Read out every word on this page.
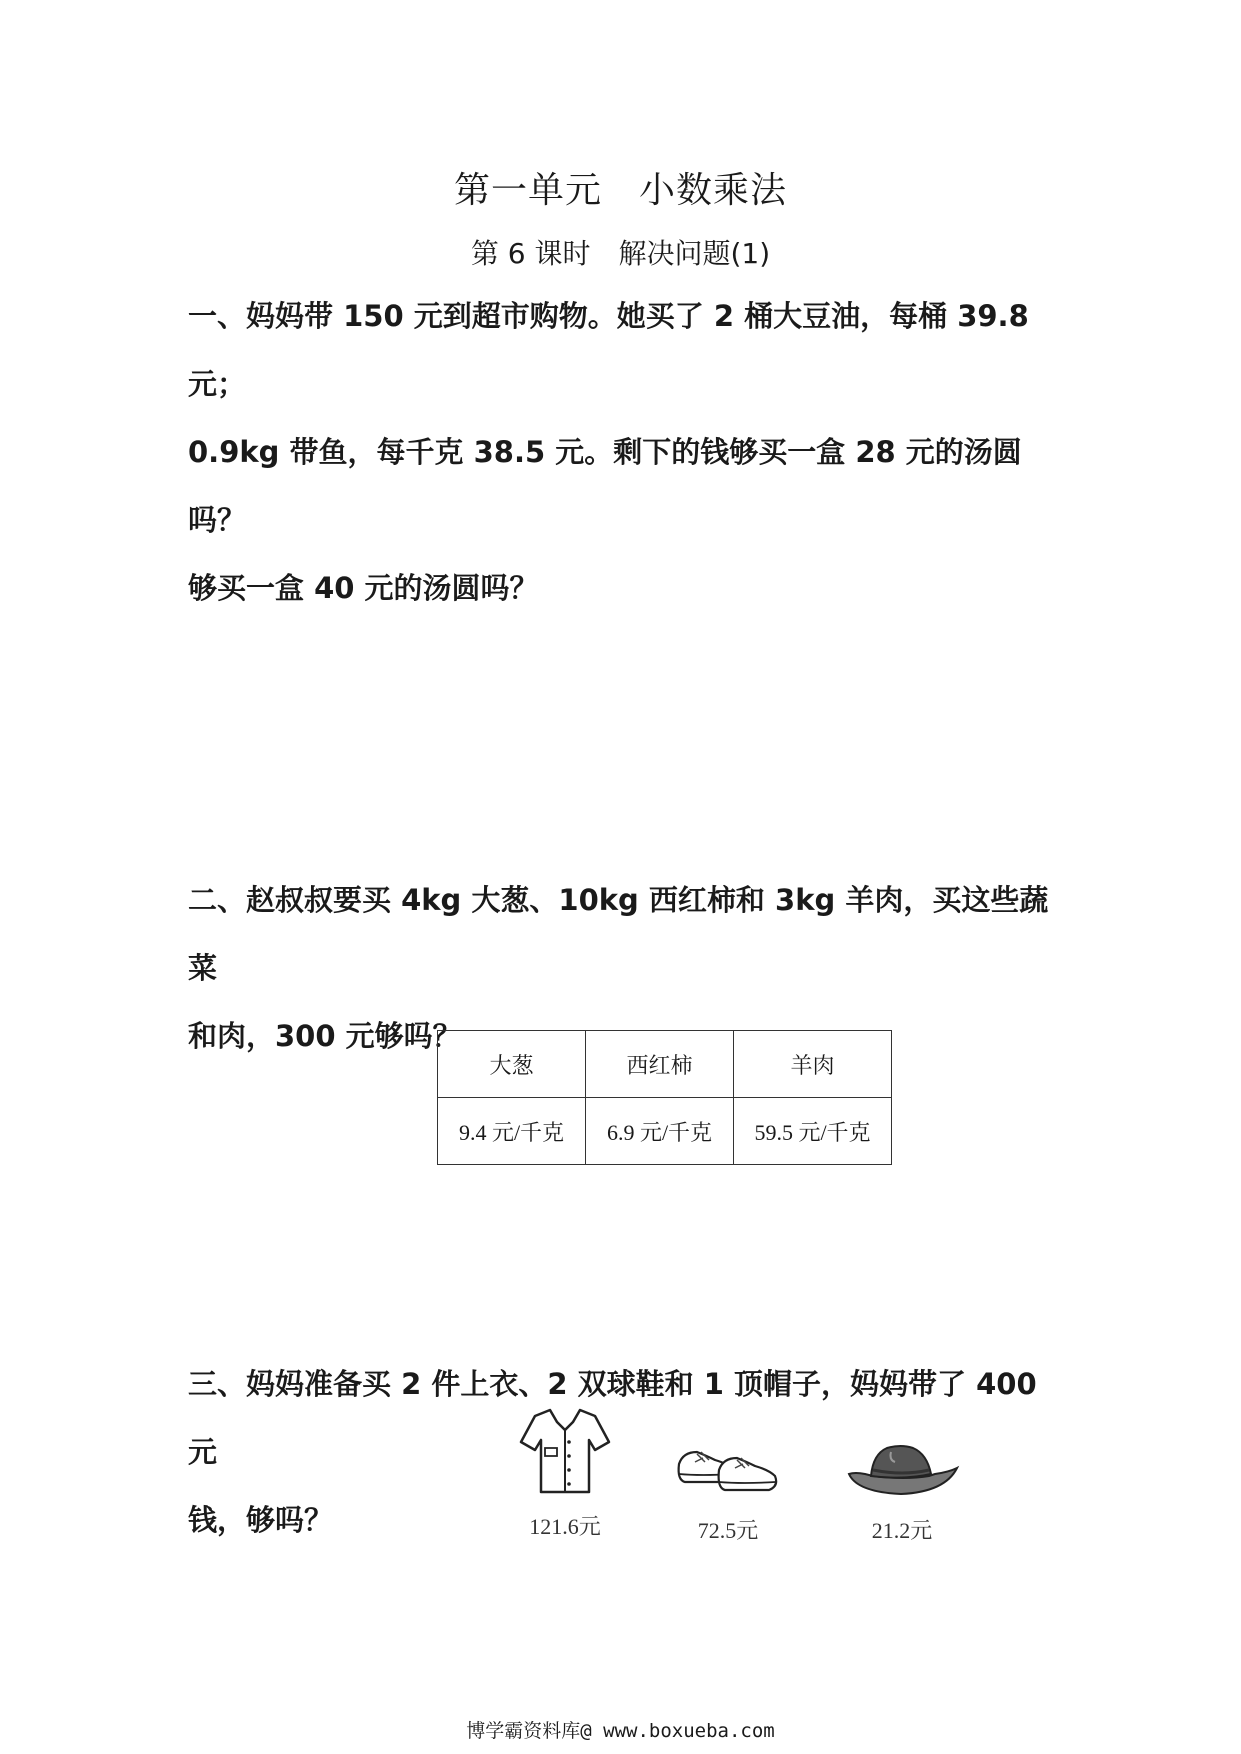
第一单元　小数乘法
第 6 课时　解决问题(1)
一、妈妈带 150 元到超市购物。她买了 2 桶大豆油，每桶 39.8 元；
0.9kg 带鱼，每千克 38.5 元。剩下的钱够买一盒 28 元的汤圆吗？
够买一盒 40 元的汤圆吗？
二、赵叔叔要买 4kg 大葱、10kg 西红柿和 3kg 羊肉，买这些蔬菜
和肉，300 元够吗？
大葱	西红柿	羊肉
9.4 元/千克	6.9 元/千克	59.5 元/千克
三、妈妈准备买 2 件上衣、2 双球鞋和 1 顶帽子，妈妈带了 400 元
钱，够吗？	121.6元	72.5元	21.2元
博学霸资料库@ www.boxueba.com
